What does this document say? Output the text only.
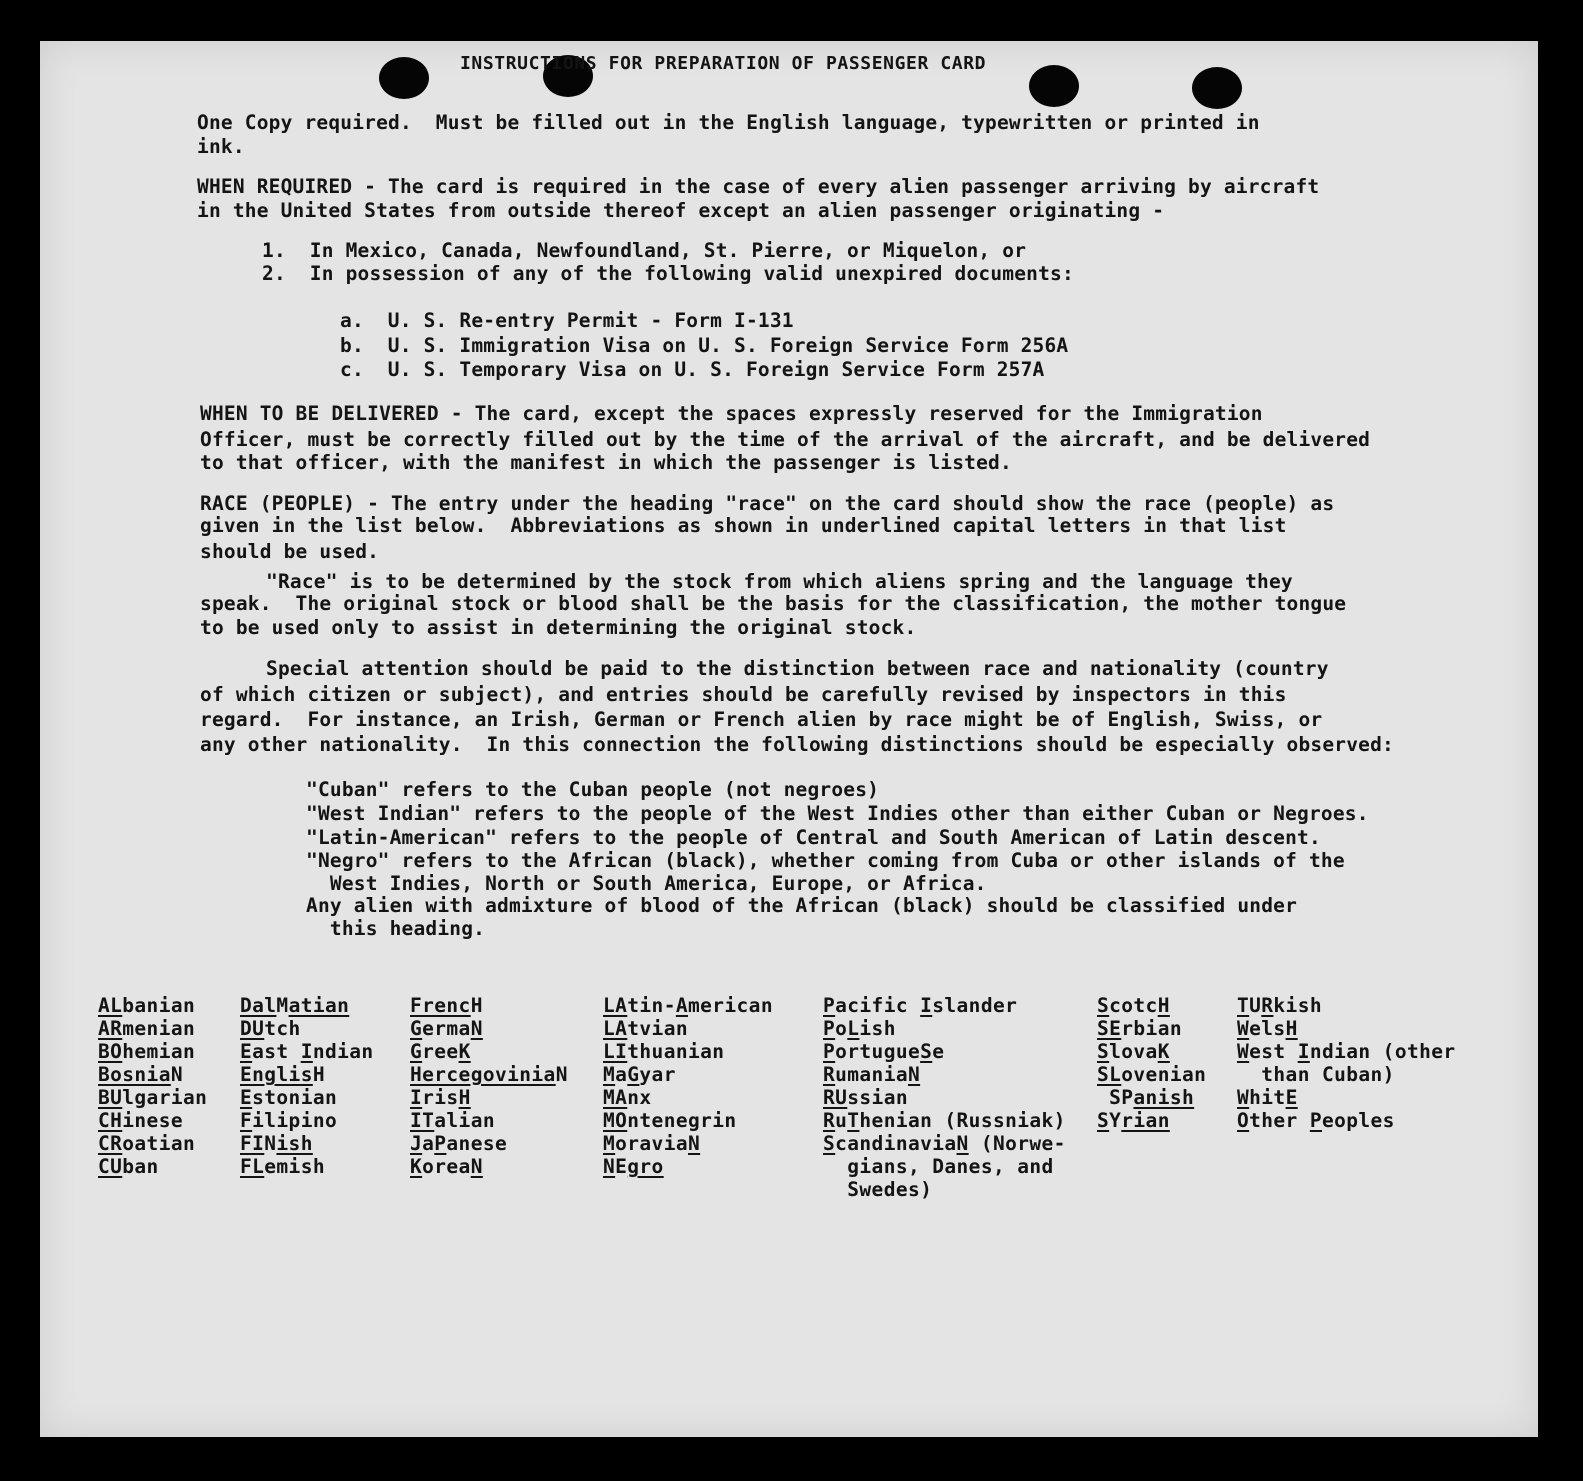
INSTRUCTIONS FOR PREPARATION OF PASSENGER CARD
One Copy required.  Must be filled out in the English language, typewritten or printed in
ink.
WHEN REQUIRED - The card is required in the case of every alien passenger arriving by aircraft
in the United States from outside thereof except an alien passenger originating -
1.  In Mexico, Canada, Newfoundland, St. Pierre, or Miquelon, or
2.  In possession of any of the following valid unexpired documents:
a.  U. S. Re-entry Permit - Form I-131
b.  U. S. Immigration Visa on U. S. Foreign Service Form 256A
c.  U. S. Temporary Visa on U. S. Foreign Service Form 257A
WHEN TO BE DELIVERED - The card, except the spaces expressly reserved for the Immigration
Officer, must be correctly filled out by the time of the arrival of the aircraft, and be delivered
to that officer, with the manifest in which the passenger is listed.
RACE (PEOPLE) - The entry under the heading "race" on the card should show the race (people) as
given in the list below.  Abbreviations as shown in underlined capital letters in that list
should be used.
"Race" is to be determined by the stock from which aliens spring and the language they
speak.  The original stock or blood shall be the basis for the classification, the mother tongue
to be used only to assist in determining the original stock.
Special attention should be paid to the distinction between race and nationality (country
of which citizen or subject), and entries should be carefully revised by inspectors in this
regard.  For instance, an Irish, German or French alien by race might be of English, Swiss, or
any other nationality.  In this connection the following distinctions should be especially observed:
"Cuban" refers to the Cuban people (not negroes)
"West Indian" refers to the people of the West Indies other than either Cuban or Negroes.
"Latin-American" refers to the people of Central and South American of Latin descent.
"Negro" refers to the African (black), whether coming from Cuba or other islands of the
West Indies, North or South America, Europe, or Africa.
Any alien with admixture of blood of the African (black) should be classified under
this heading.
ALbanian
ARmenian
BOhemian
BosniaN
BUlgarian
CHinese
CRoatian
CUban
DalMatian
DUtch
East Indian
EnglisH
Estonian
Filipino
FINish
FLemish
FrencH
GermaN
GreeK
HercegoviniaN
IrisH
ITalian
JaPanese
KoreaN
LAtin-American
LAtvian
LIthuanian
MaGyar
MAnx
MOntenegrin
MoraviaN
NEgro
Pacific Islander
PoLish
PortugueSe
RumaniaN
RUssian
RuThenian (Russniak)
ScandinaviaN (Norwe-
gians, Danes, and
Swedes)
ScotcH
SErbian
SlovaK
SLovenian
SPanish
SYrian
TURkish
WelsH
West Indian (other
than Cuban)
WhitE
Other Peoples
